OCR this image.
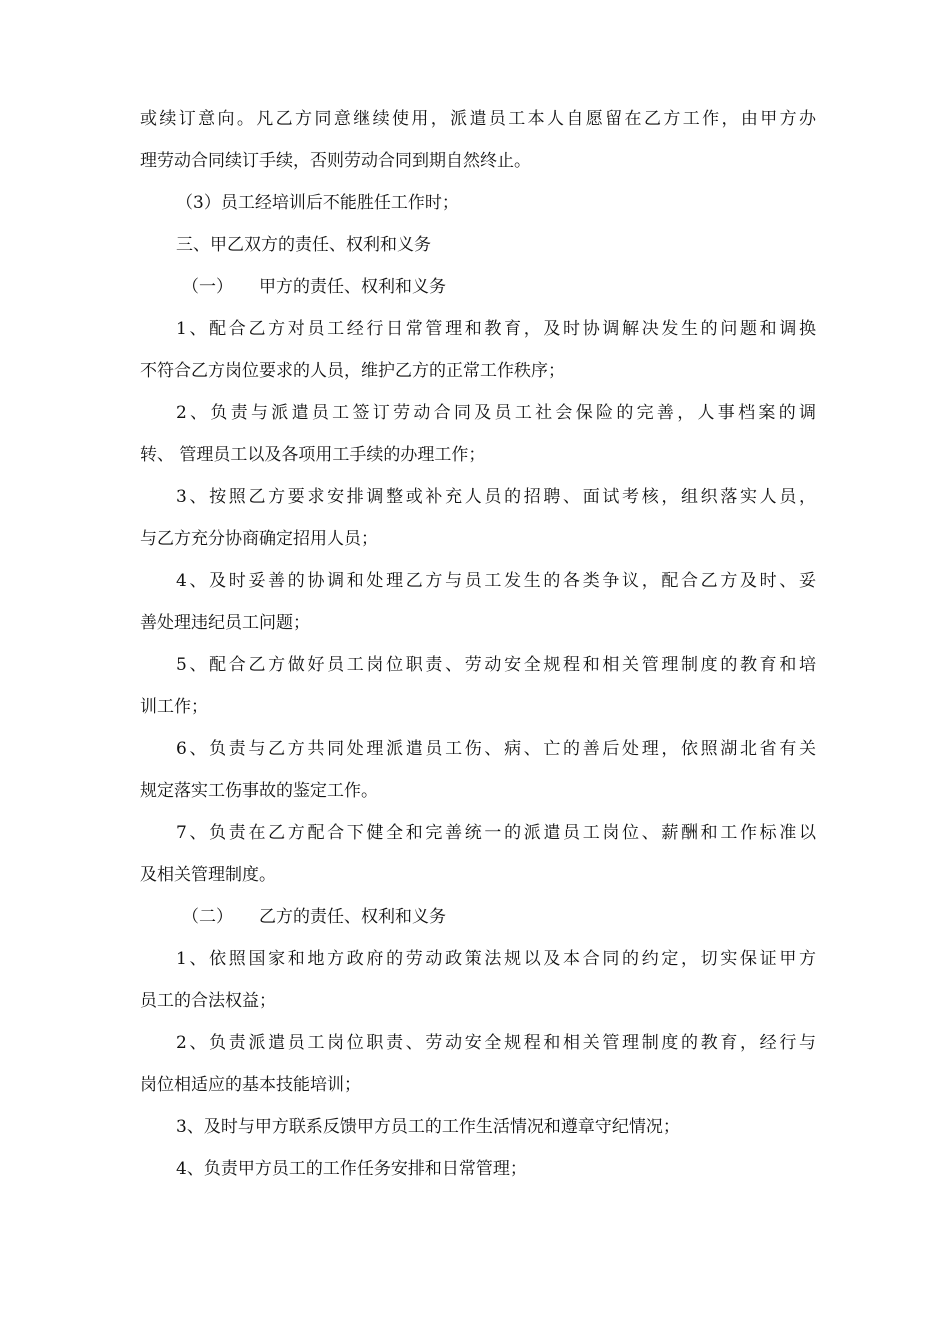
或续订意向。凡乙方同意继续使用，派遣员工本人自愿留在乙方工作，由甲方办
理劳动合同续订手续，否则劳动合同到期自然终止。
（3）员工经培训后不能胜任工作时；
三、甲乙双方的责任、权利和义务
（一） 甲方的责任、权利和义务
1、配合乙方对员工经行日常管理和教育，及时协调解决发生的问题和调换
不符合乙方岗位要求的人员，维护乙方的正常工作秩序；
2、负责与派遣员工签订劳动合同及员工社会保险的完善，人事档案的调
转、 管理员工以及各项用工手续的办理工作；
3、按照乙方要求安排调整或补充人员的招聘、面试考核，组织落实人员，
与乙方充分协商确定招用人员；
4、及时妥善的协调和处理乙方与员工发生的各类争议，配合乙方及时、妥
善处理违纪员工问题；
5、配合乙方做好员工岗位职责、劳动安全规程和相关管理制度的教育和培
训工作；
6、负责与乙方共同处理派遣员工伤、病、亡的善后处理，依照湖北省有关
规定落实工伤事故的鉴定工作。
7、负责在乙方配合下健全和完善统一的派遣员工岗位、薪酬和工作标准以
及相关管理制度。
（二） 乙方的责任、权利和义务
1、依照国家和地方政府的劳动政策法规以及本合同的约定，切实保证甲方
员工的合法权益；
2、负责派遣员工岗位职责、劳动安全规程和相关管理制度的教育，经行与
岗位相适应的基本技能培训；
3、及时与甲方联系反馈甲方员工的工作生活情况和遵章守纪情况；
4、负责甲方员工的工作任务安排和日常管理；
